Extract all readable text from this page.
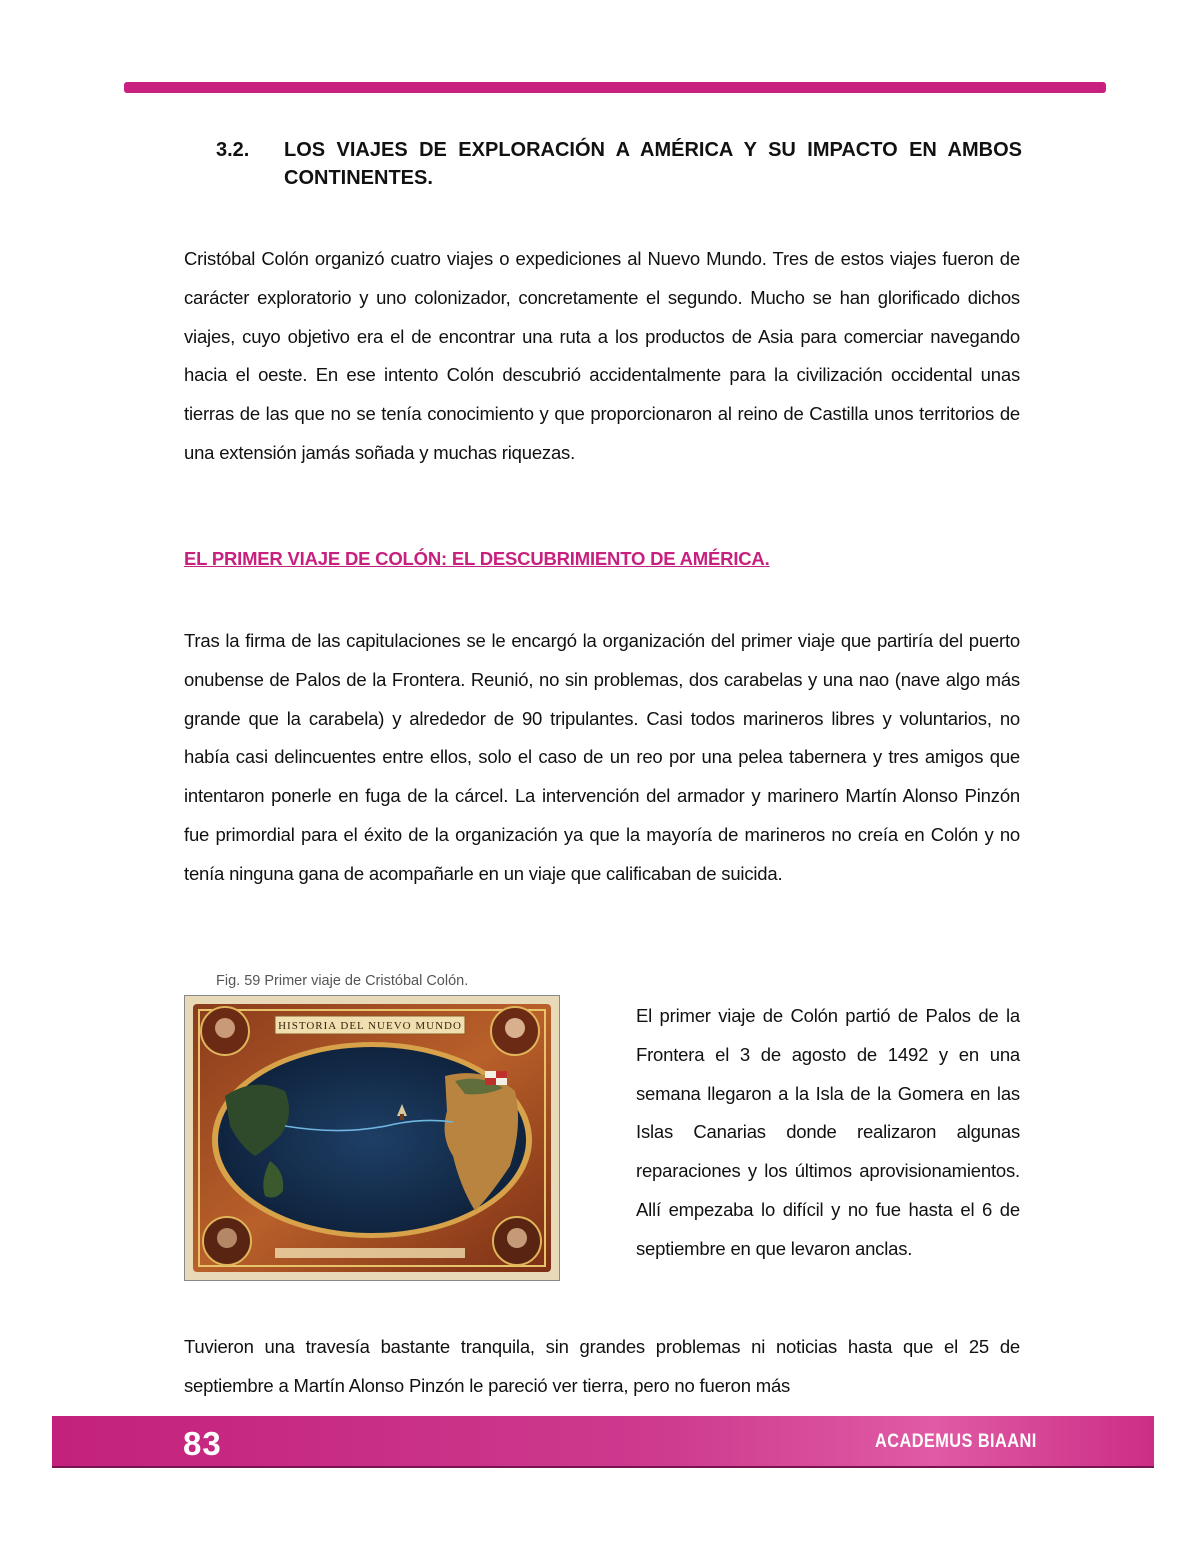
3.2. LOS VIAJES DE EXPLORACIÓN A AMÉRICA Y SU IMPACTO EN AMBOS CONTINENTES.

Cristóbal Colón organizó cuatro viajes o expediciones al Nuevo Mundo. Tres de estos viajes fueron de carácter exploratorio y uno colonizador, concretamente el segundo. Mucho se han glorificado dichos viajes, cuyo objetivo era el de encontrar una ruta a los productos de Asia para comerciar navegando hacia el oeste. En ese intento Colón descubrió accidentalmente para la civilización occidental unas tierras de las que no se tenía conocimiento y que proporcionaron al reino de Castilla unos territorios de una extensión jamás soñada y muchas riquezas.

EL PRIMER VIAJE DE COLÓN: EL DESCUBRIMIENTO DE AMÉRICA.

Tras la firma de las capitulaciones se le encargó la organización del primer viaje que partiría del puerto onubense de Palos de la Frontera. Reunió, no sin problemas, dos carabelas y una nao (nave algo más grande que la carabela) y alrededor de 90 tripulantes. Casi todos marineros libres y voluntarios, no había casi delincuentes entre ellos, solo el caso de un reo por una pelea tabernera y tres amigos que intentaron ponerle en fuga de la cárcel. La intervención del armador y marinero Martín Alonso Pinzón fue primordial para el éxito de la organización ya que la mayoría de marineros no creía en Colón y no tenía ninguna gana de acompañarle en un viaje que calificaban de suicida.

Fig. 59 Primer viaje de Cristóbal Colón.
HISTORIA DEL NUEVO MUNDO	El primer viaje de Colón partió de Palos de la Frontera el 3 de agosto de 1492 y en una semana llegaron a la Isla de la Gomera en las Islas Canarias donde realizaron algunas reparaciones y los últimos aprovisionamientos. Allí empezaba lo difícil y no fue hasta el 6 de septiembre en que levaron anclas.

Tuvieron una travesía bastante tranquila, sin grandes problemas ni noticias hasta que el 25 de septiembre a Martín Alonso Pinzón le pareció ver tierra, pero no fueron más

83	ACADEMUS BIAANI
